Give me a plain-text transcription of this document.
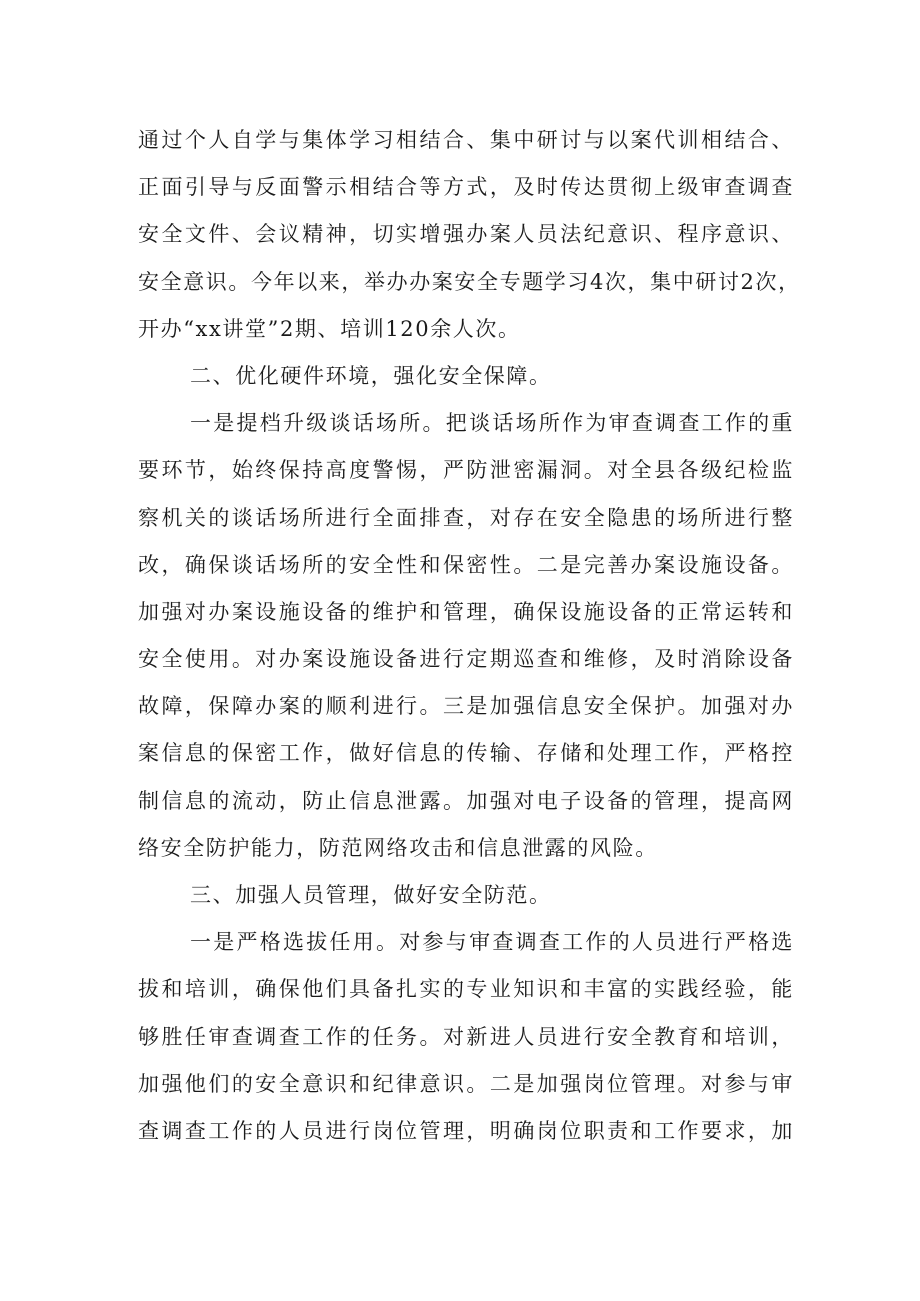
通过个人自学与集体学习相结合、集中研讨与以案代训相结合、
正面引导与反面警示相结合等方式，及时传达贯彻上级审查调查
安全文件、会议精神，切实增强办案人员法纪意识、程序意识、
安全意识。今年以来，举办办案安全专题学习4次，集中研讨2次，
开办“xx讲堂”2期、培训120余人次。
二、优化硬件环境，强化安全保障。
一是提档升级谈话场所。把谈话场所作为审查调查工作的重
要环节，始终保持高度警惕，严防泄密漏洞。对全县各级纪检监
察机关的谈话场所进行全面排查，对存在安全隐患的场所进行整
改，确保谈话场所的安全性和保密性。二是完善办案设施设备。
加强对办案设施设备的维护和管理，确保设施设备的正常运转和
安全使用。对办案设施设备进行定期巡查和维修，及时消除设备
故障，保障办案的顺利进行。三是加强信息安全保护。加强对办
案信息的保密工作，做好信息的传输、存储和处理工作，严格控
制信息的流动，防止信息泄露。加强对电子设备的管理，提高网
络安全防护能力，防范网络攻击和信息泄露的风险。
三、加强人员管理，做好安全防范。
一是严格选拔任用。对参与审查调查工作的人员进行严格选
拔和培训，确保他们具备扎实的专业知识和丰富的实践经验，能
够胜任审查调查工作的任务。对新进人员进行安全教育和培训，
加强他们的安全意识和纪律意识。二是加强岗位管理。对参与审
查调查工作的人员进行岗位管理，明确岗位职责和工作要求，加
